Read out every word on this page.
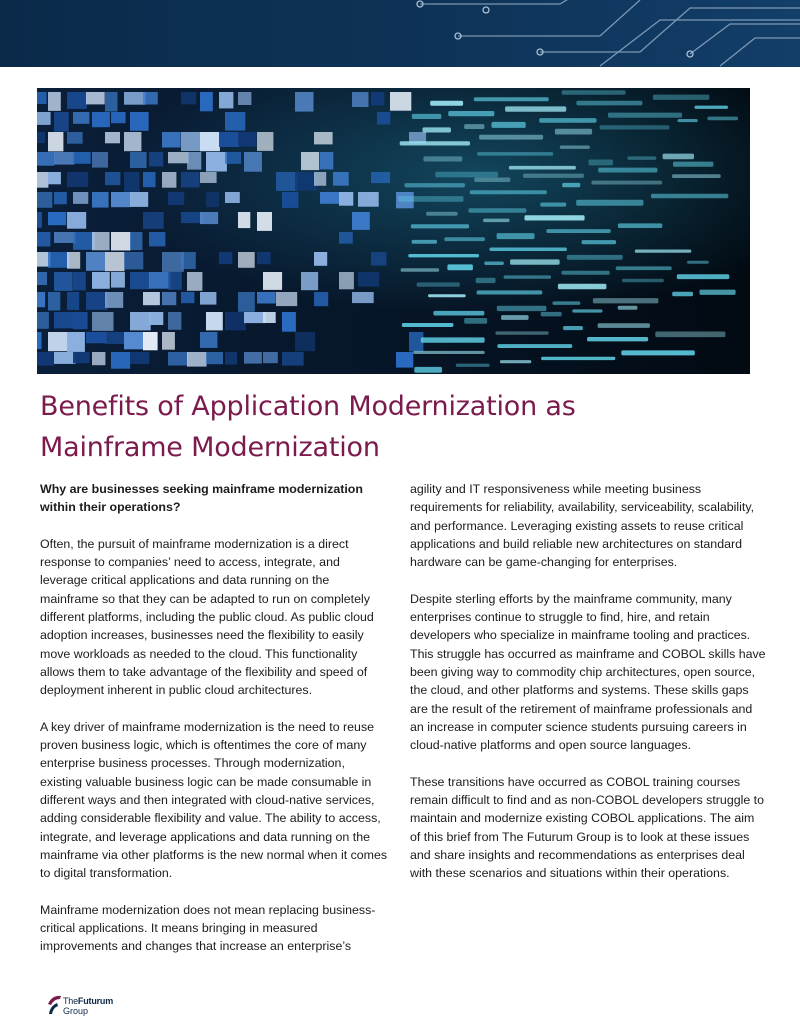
Benefits of Application Modernization as
Mainframe Modernization

Why are businesses seeking mainframe modernization within their operations?

Often, the pursuit of mainframe modernization is a direct response to companies’ need to access, integrate, and leverage critical applications and data running on the mainframe so that they can be adapted to run on completely different platforms, including the public cloud. As public cloud adoption increases, businesses need the flexibility to easily move workloads as needed to the cloud. This functionality allows them to take advantage of the flexibility and speed of deployment inherent in public cloud architectures.

A key driver of mainframe modernization is the need to reuse proven business logic, which is oftentimes the core of many enterprise business processes. Through modernization, existing valuable business logic can be made consumable in different ways and then integrated with cloud-native services, adding considerable flexibility and value. The ability to access, integrate, and leverage applications and data running on the mainframe via other platforms is the new normal when it comes to digital transformation.

Mainframe modernization does not mean replacing business-critical applications. It means bringing in measured improvements and changes that increase an enterprise’s

agility and IT responsiveness while meeting business requirements for reliability, availability, serviceability, scalability, and performance. Leveraging existing assets to reuse critical applications and build reliable new architectures on standard hardware can be game-changing for enterprises.

Despite sterling efforts by the mainframe community, many enterprises continue to struggle to find, hire, and retain developers who specialize in mainframe tooling and practices. This struggle has occurred as mainframe and COBOL skills have been giving way to commodity chip architectures, open source, the cloud, and other platforms and systems. These skills gaps are the result of the retirement of mainframe professionals and an increase in computer science students pursuing careers in cloud-native platforms and open source languages.

These transitions have occurred as COBOL training courses remain difficult to find and as non-COBOL developers struggle to maintain and modernize existing COBOL applications. The aim of this brief from The Futurum Group is to look at these issues and share insights and recommendations as enterprises deal with these scenarios and situations within their operations.

TheFuturum
Group
